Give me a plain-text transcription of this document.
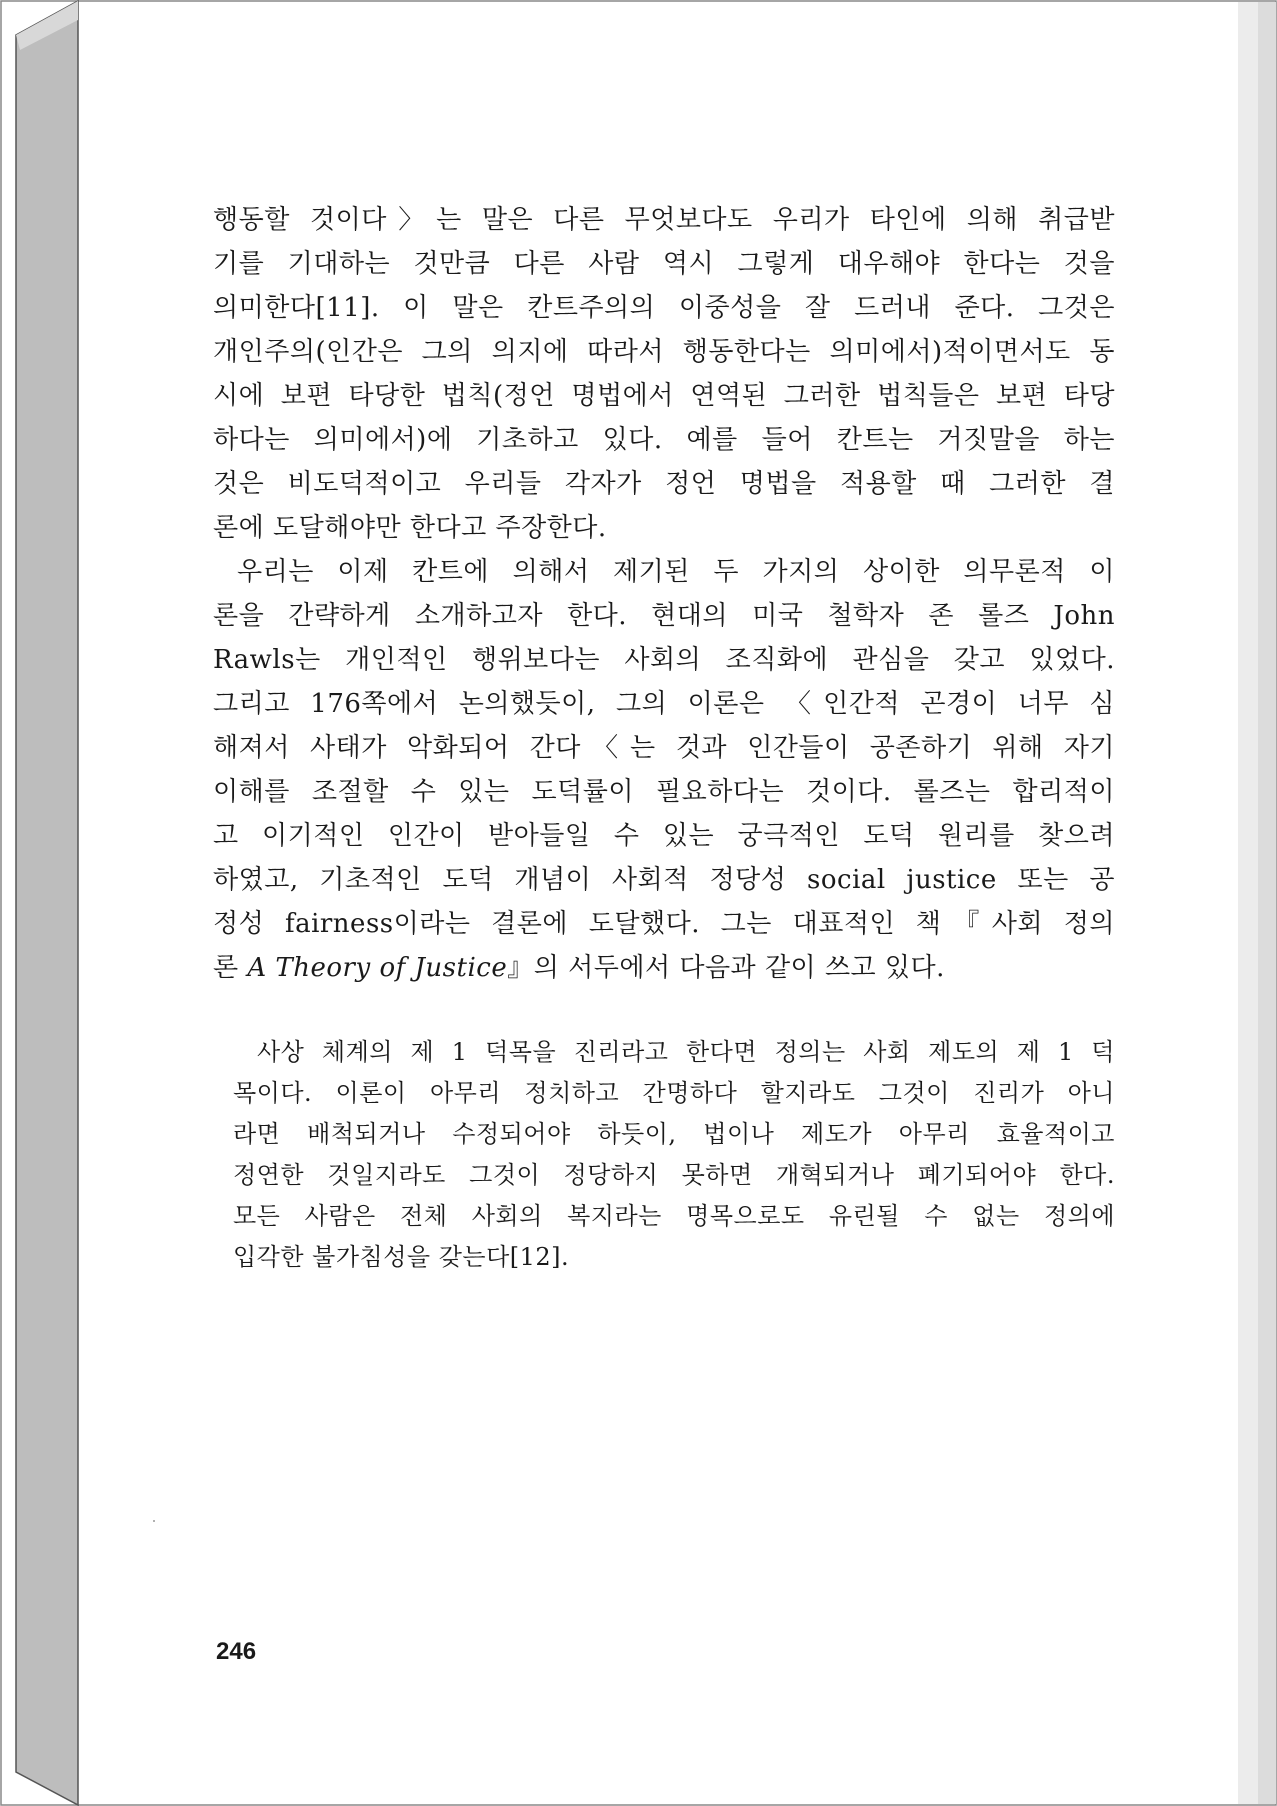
행동할 것이다〉는 말은 다른 무엇보다도 우리가 타인에 의해 취급받
기를 기대하는 것만큼 다른 사람 역시 그렇게 대우해야 한다는 것을
의미한다[11]. 이 말은 칸트주의의 이중성을 잘 드러내 준다. 그것은
개인주의(인간은 그의 의지에 따라서 행동한다는 의미에서)적이면서도 동
시에 보편 타당한 법칙(정언 명법에서 연역된 그러한 법칙들은 보편 타당
하다는 의미에서)에 기초하고 있다. 예를 들어 칸트는 거짓말을 하는
것은 비도덕적이고 우리들 각자가 정언 명법을 적용할 때 그러한 결
론에 도달해야만 한다고 주장한다.
우리는 이제 칸트에 의해서 제기된 두 가지의 상이한 의무론적 이
론을 간략하게 소개하고자 한다. 현대의 미국 철학자 존 롤즈 John
Rawls는 개인적인 행위보다는 사회의 조직화에 관심을 갖고 있었다.
그리고 176쪽에서 논의했듯이, 그의 이론은 〈인간적 곤경이 너무 심
해져서 사태가 악화되어 간다〈는 것과 인간들이 공존하기 위해 자기
이해를 조절할 수 있는 도덕률이 필요하다는 것이다. 롤즈는 합리적이
고 이기적인 인간이 받아들일 수 있는 궁극적인 도덕 원리를 찾으려
하였고, 기초적인 도덕 개념이 사회적 정당성 social justice 또는 공
정성 fairness이라는 결론에 도달했다. 그는 대표적인 책『사회 정의
론 A Theory of Justice』의 서두에서 다음과 같이 쓰고 있다.
사상 체계의 제 1 덕목을 진리라고 한다면 정의는 사회 제도의 제 1 덕
목이다. 이론이 아무리 정치하고 간명하다 할지라도 그것이 진리가 아니
라면 배척되거나 수정되어야 하듯이, 법이나 제도가 아무리 효율적이고
정연한 것일지라도 그것이 정당하지 못하면 개혁되거나 폐기되어야 한다.
모든 사람은 전체 사회의 복지라는 명목으로도 유린될 수 없는 정의에
입각한 불가침성을 갖는다[12].
246
